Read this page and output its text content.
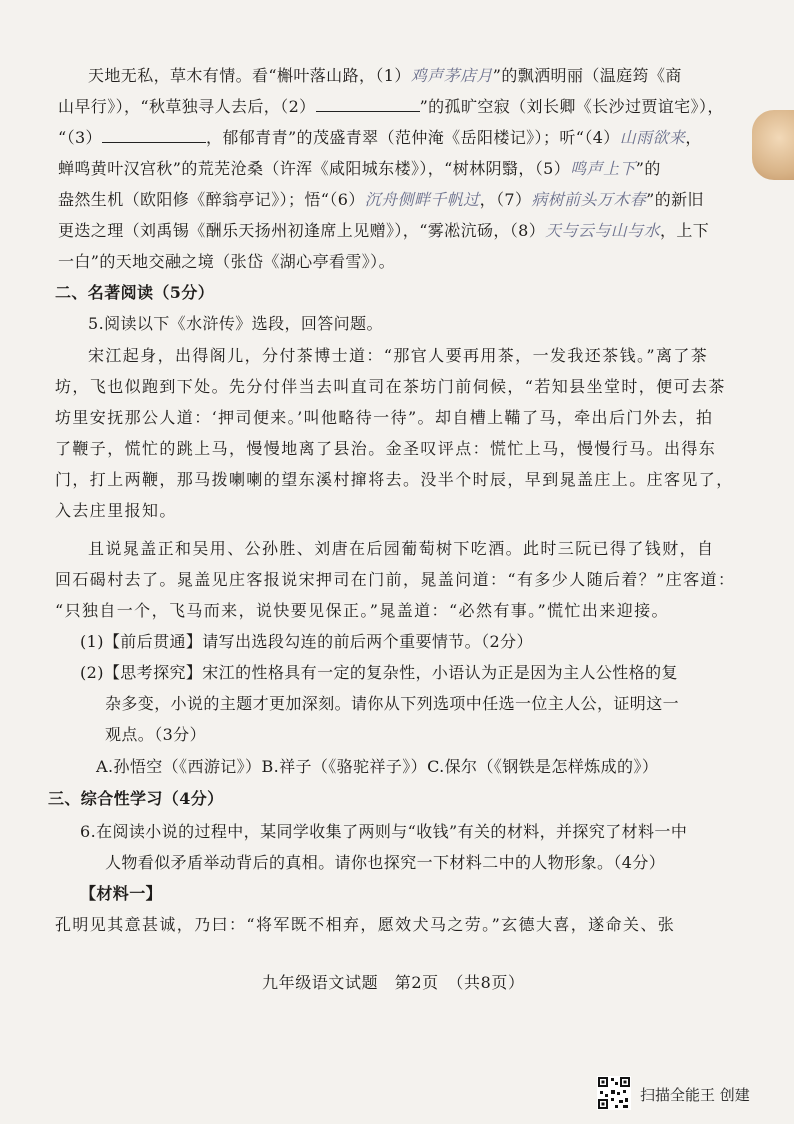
天地无私，草木有情。看“槲叶落山路，（1）鸡声茅店月”的飘洒明丽（温庭筠《商
山早行》），“秋草独寻人去后，（2）	”的孤旷空寂（刘长卿《长沙过贾谊宅》），
“（3）	，郁郁青青”的茂盛青翠（范仲淹《岳阳楼记》）；听“（4）山雨欲来，
蝉鸣黄叶汉宫秋”的荒芜沧桑（许浑《咸阳城东楼》），“树林阴翳，（5）鸣声上下”的
盎然生机（欧阳修《醉翁亭记》）；悟“（6）沉舟侧畔千帆过，（7）病树前头万木春”的新旧
更迭之理（刘禹锡《酬乐天扬州初逢席上见赠》），“雾凇沆砀，（8）天与云与山与水，上下
一白”的天地交融之境（张岱《湖心亭看雪》）。
二、名著阅读（5分）
5.阅读以下《水浒传》选段，回答问题。
宋江起身，出得阁儿，分付茶博士道：“那官人要再用茶，一发我还茶钱。”离了茶
坊，飞也似跑到下处。先分付伴当去叫直司在茶坊门前伺候，“若知县坐堂时，便可去茶
坊里安抚那公人道：‘押司便来。’叫他略待一待”。却自槽上鞴了马，牵出后门外去，拍
了鞭子，慌忙的跳上马，慢慢地离了县治。金圣叹评点：慌忙上马，慢慢行马。出得东
门，打上两鞭，那马拨喇喇的望东溪村撺将去。没半个时辰，早到晁盖庄上。庄客见了，
入去庄里报知。
且说晁盖正和吴用、公孙胜、刘唐在后园葡萄树下吃酒。此时三阮已得了钱财，自
回石碣村去了。晁盖见庄客报说宋押司在门前，晁盖问道：“有多少人随后着？”庄客道：
“只独自一个，飞马而来，说快要见保正。”晁盖道：“必然有事。”慌忙出来迎接。
(1)【前后贯通】请写出选段勾连的前后两个重要情节。（2分）
(2)【思考探究】宋江的性格具有一定的复杂性，小语认为正是因为主人公性格的复
杂多变，小说的主题才更加深刻。请你从下列选项中任选一位主人公，证明这一
观点。（3分）
A.孙悟空（《西游记》）B.祥子（《骆驼祥子》）C.保尔（《钢铁是怎样炼成的》）
三、综合性学习（4分）
6.在阅读小说的过程中，某同学收集了两则与“收钱”有关的材料，并探究了材料一中
人物看似矛盾举动背后的真相。请你也探究一下材料二中的人物形象。（4分）
【材料一】
孔明见其意甚诚，乃曰：“将军既不相弃，愿效犬马之劳。”玄德大喜，遂命关、张
九年级语文试题　第2页　（共8页）
扫描全能王 创建
